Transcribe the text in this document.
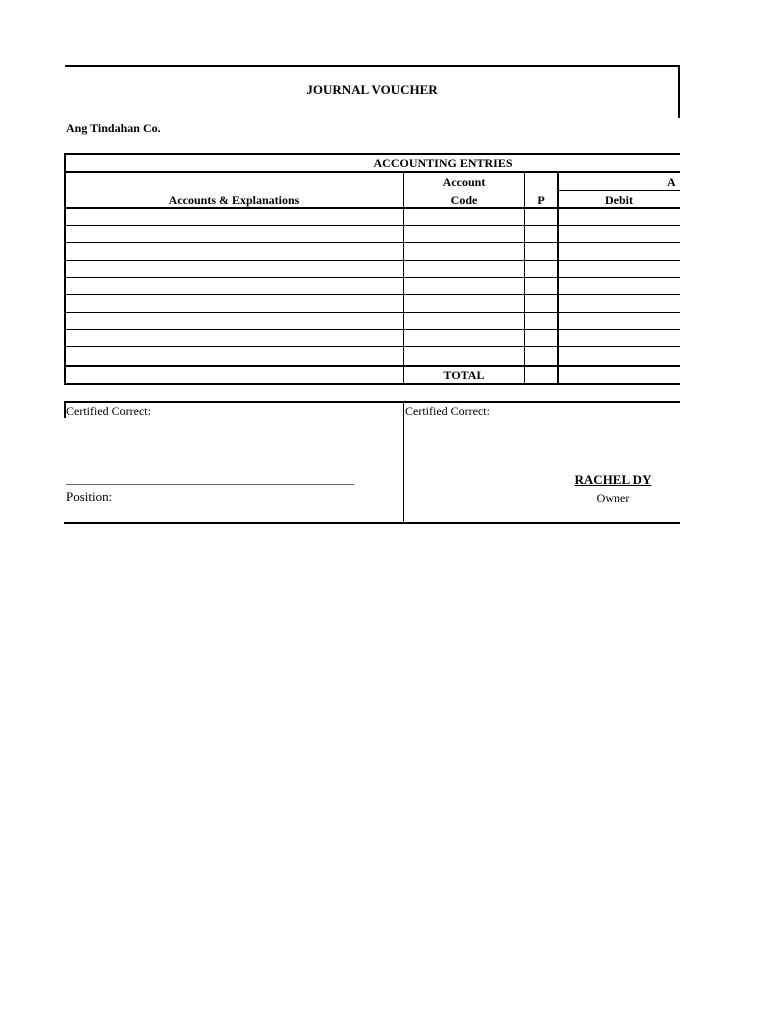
JOURNAL VOUCHER
Ang Tindahan Co.
ACCOUNTING ENTRIES
Accounts & Explanations
Account
Code	P
A
Debit
TOTAL
Certified Correct:
________________________________________________
Position:
Certified Correct:
RACHEL DY
Owner
